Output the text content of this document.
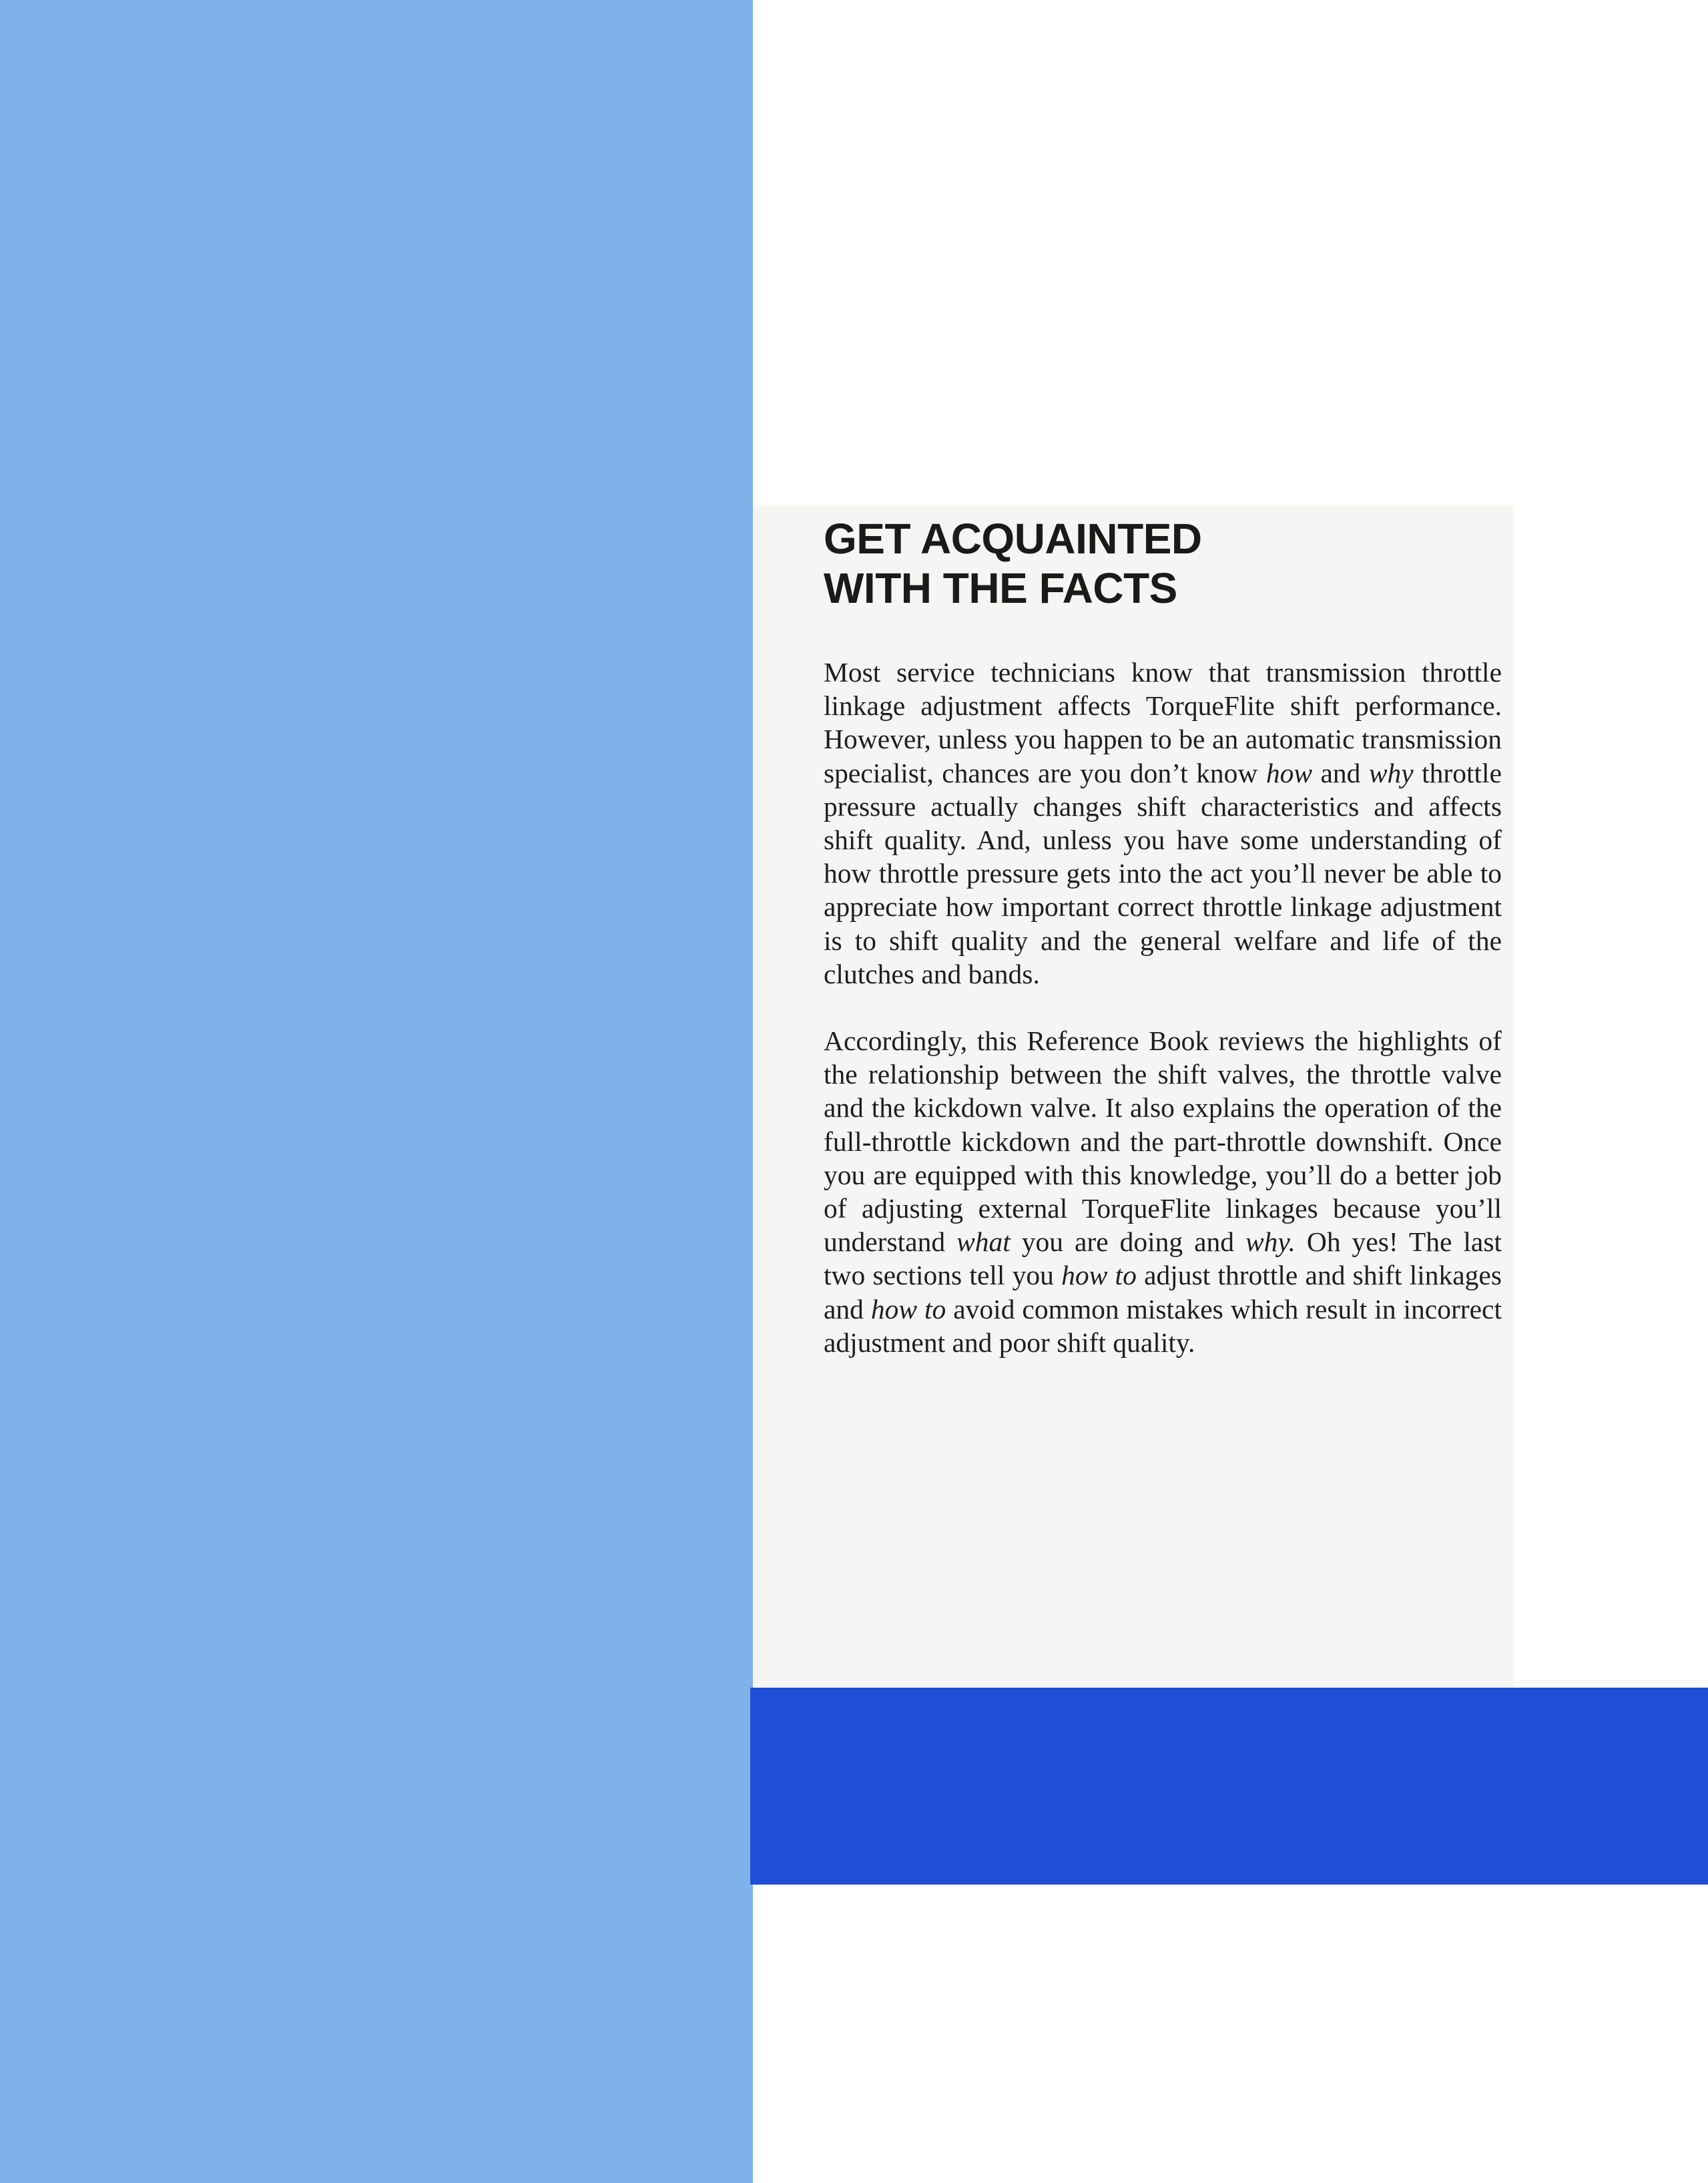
GET ACQUAINTED
WITH THE FACTS

Most service technicians know that transmission throttle linkage adjustment affects TorqueFlite shift performance. However, unless you happen to be an automatic transmission specialist, chances are you don’t know how and why throttle pressure actually changes shift characteristics and affects shift quality. And, unless you have some understanding of how throttle pressure gets into the act you’ll never be able to appreciate how important correct throttle linkage adjustment is to shift quality and the general welfare and life of the clutches and bands.

Accordingly, this Reference Book reviews the highlights of the relationship between the shift valves, the throttle valve and the kickdown valve. It also explains the operation of the full-throttle kickdown and the part-throttle downshift. Once you are equipped with this knowledge, you’ll do a better job of adjusting external TorqueFlite linkages because you’ll understand what you are doing and why. Oh yes! The last two sections tell you how to adjust throttle and shift linkages and how to avoid common mistakes which result in incorrect adjustment and poor shift quality.
